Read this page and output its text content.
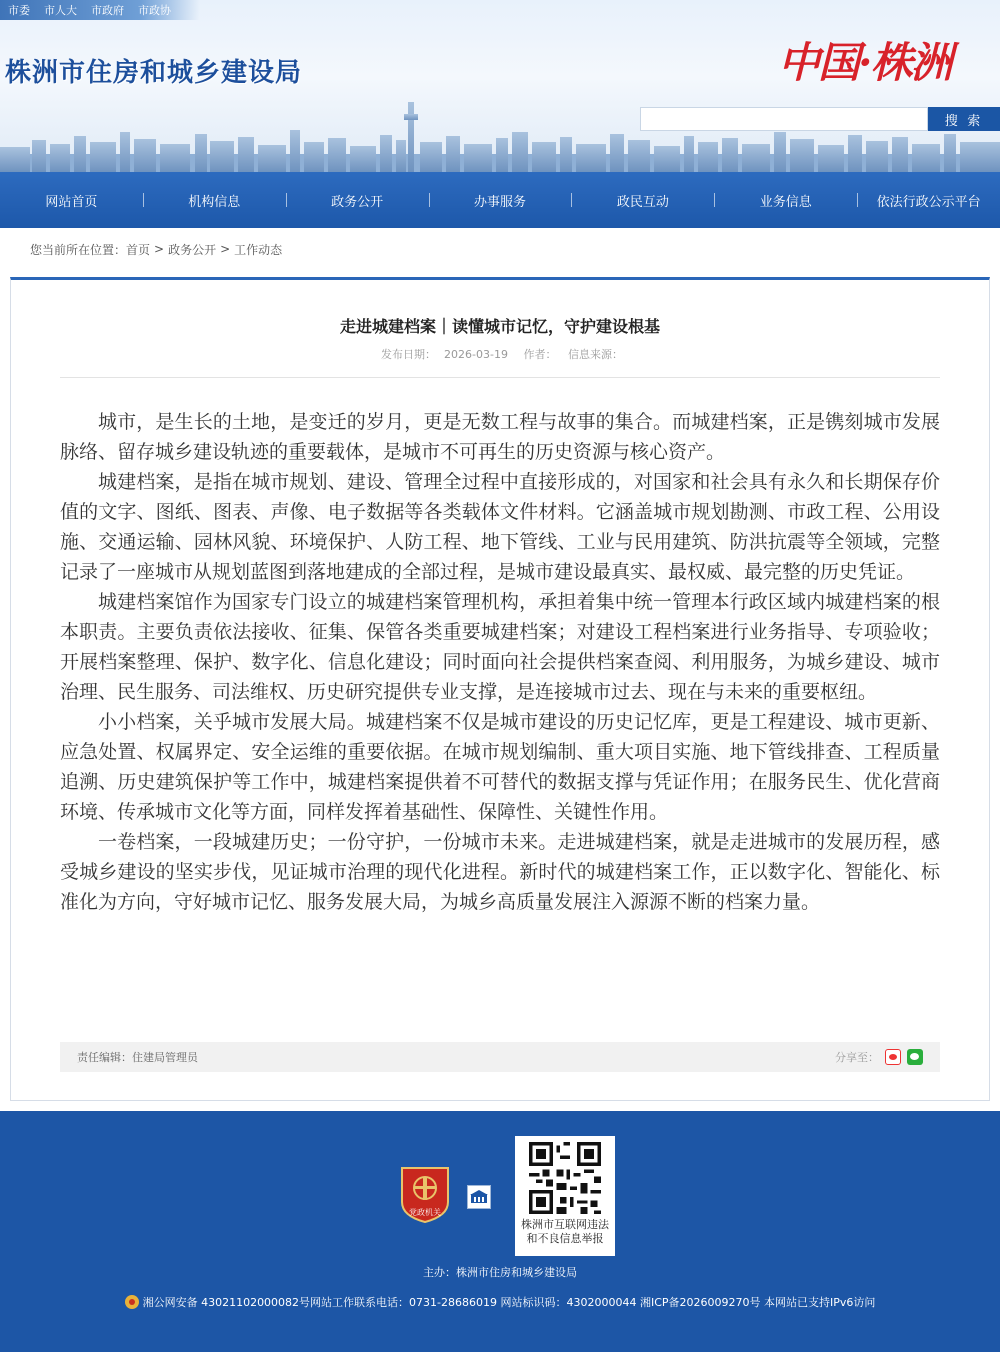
市委 市人大 市政府 市政协
株洲市住房和城乡建设局	中国·株洲
搜 索
网站首页	机构信息	政务公开	办事服务	政民互动	业务信息	依法行政公示平台
您当前所在位置： 首页 > 政务公开 > 工作动态
走进城建档案｜读懂城市记忆，守护建设根基
发布日期： 2026-03-19 作者： 信息来源：

城市，是生长的土地，是变迁的岁月，更是无数工程与故事的集合。而城建档案，正是镌刻城市发展脉络、留存城乡建设轨迹的重要载体，是城市不可再生的历史资源与核心资产。

城建档案，是指在城市规划、建设、管理全过程中直接形成的，对国家和社会具有永久和长期保存价值的文字、图纸、图表、声像、电子数据等各类载体文件材料。它涵盖城市规划勘测、市政工程、公用设施、交通运输、园林风貌、环境保护、人防工程、地下管线、工业与民用建筑、防洪抗震等全领域，完整记录了一座城市从规划蓝图到落地建成的全部过程，是城市建设最真实、最权威、最完整的历史凭证。

城建档案馆作为国家专门设立的城建档案管理机构，承担着集中统一管理本行政区域内城建档案的根本职责。主要负责依法接收、征集、保管各类重要城建档案；对建设工程档案进行业务指导、专项验收；开展档案整理、保护、数字化、信息化建设；同时面向社会提供档案查阅、利用服务，为城乡建设、城市治理、民生服务、司法维权、历史研究提供专业支撑，是连接城市过去、现在与未来的重要枢纽。

小小档案，关乎城市发展大局。城建档案不仅是城市建设的历史记忆库，更是工程建设、城市更新、应急处置、权属界定、安全运维的重要依据。在城市规划编制、重大项目实施、地下管线排查、工程质量追溯、历史建筑保护等工作中，城建档案提供着不可替代的数据支撑与凭证作用；在服务民生、优化营商环境、传承城市文化等方面，同样发挥着基础性、保障性、关键性作用。

一卷档案，一段城建历史；一份守护，一份城市未来。走进城建档案，就是走进城市的发展历程，感受城乡建设的坚实步伐，见证城市治理的现代化进程。新时代的城建档案工作，正以数字化、智能化、标准化为方向，守好城市记忆、服务发展大局，为城乡高质量发展注入源源不断的档案力量。

责任编辑： 住建局管理员	分享至：
党政机关
株洲市互联网违法
和不良信息举报
主办：株洲市住房和城乡建设局
湘公网安备 43021102000082号网站工作联系电话：0731-28686019 网站标识码：4302000044 湘ICP备2026009270号 本网站已支持IPv6访问
